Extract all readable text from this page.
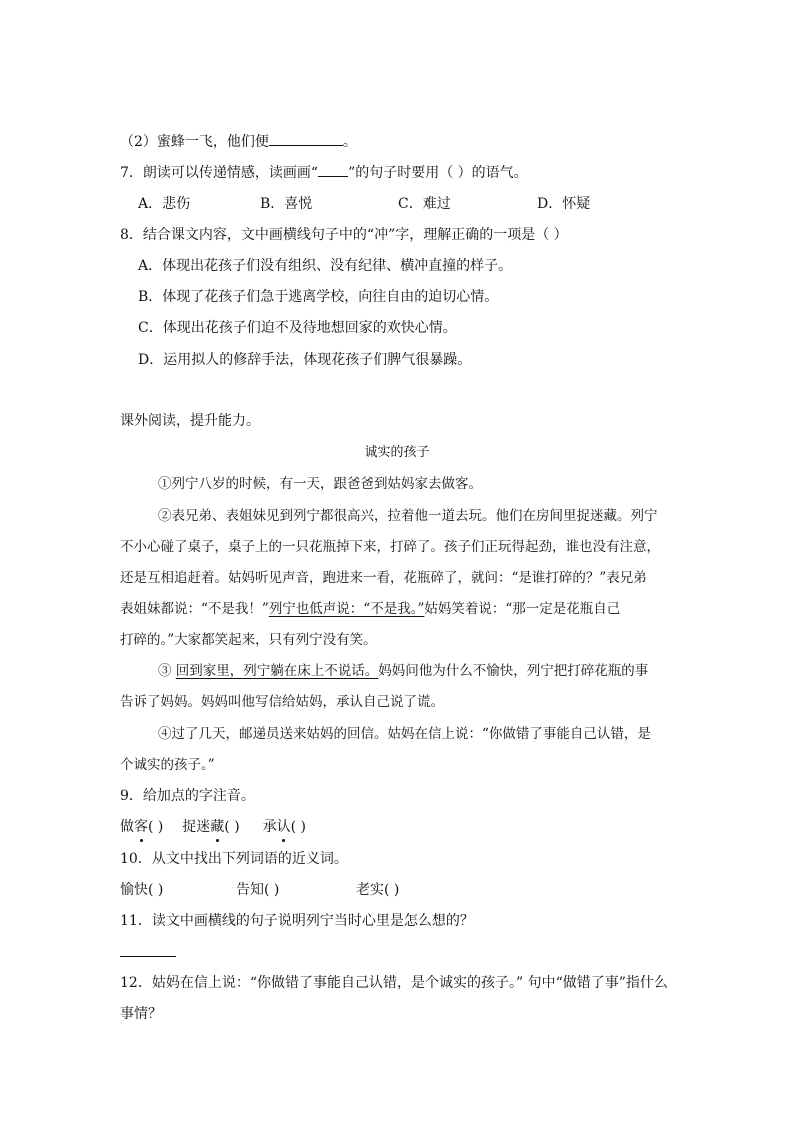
（2）蜜蜂一飞，他们便	。
7．朗读可以传递情感，读画画“ ”的句子时要用（ ）的语气。
A．悲伤	B．喜悦	C．难过	D．怀疑
8．结合课文内容，文中画横线句子中的“冲”字，理解正确的一项是（ ）
A．体现出花孩子们没有组织、没有纪律、横冲直撞的样子。
B．体现了花孩子们急于逃离学校，向往自由的迫切心情。
C．体现出花孩子们迫不及待地想回家的欢快心情。
D．运用拟人的修辞手法，体现花孩子们脾气很暴躁。
课外阅读，提升能力。
诚实的孩子
①列宁八岁的时候，有一天，跟爸爸到姑妈家去做客。
②表兄弟、表姐妹见到列宁都很高兴，拉着他一道去玩。他们在房间里捉迷藏。列宁
不小心碰了桌子，桌子上的一只花瓶掉下来，打碎了。孩子们正玩得起劲，谁也没有注意，
还是互相追赶着。姑妈听见声音，跑进来一看，花瓶碎了，就问：“是谁打碎的？”表兄弟
表姐妹都说：“不是我！”列宁也低声说：“不是我。”姑妈笑着说：“那一定是花瓶自己
打碎的。”大家都笑起来，只有列宁没有笑。
③ 回到家里，列宁躺在床上不说话。妈妈问他为什么不愉快，列宁把打碎花瓶的事
告诉了妈妈。妈妈叫他写信给姑妈，承认自己说了谎。
④过了几天，邮递员送来姑妈的回信。姑妈在信上说：“你做错了事能自己认错，是
个诚实的孩子。”
9．给加点的字注音。
做客( ) 捉迷藏( ) 承认( )
10．从文中找出下列词语的近义词。
愉快( )	告知( )	老实( )
11．读文中画横线的句子说明列宁当时心里是怎么想的？
12．姑妈在信上说：“你做错了事能自己认错，是个诚实的孩子。” 句中“做错了事”指什么
事情？
